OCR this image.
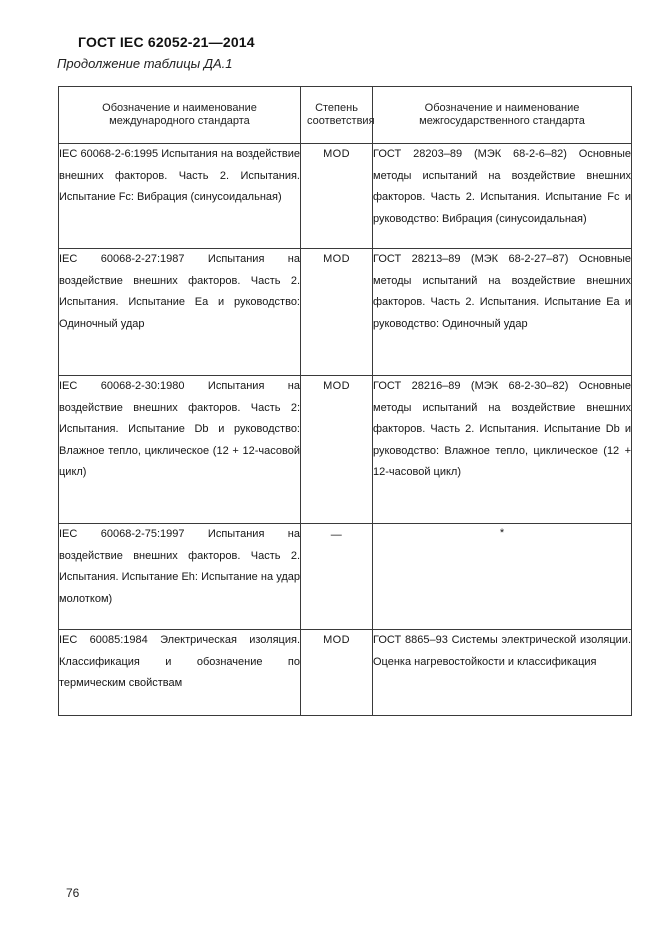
ГОСТ IEC 62052-21—2014
Продолжение таблицы ДА.1
Обозначение и наименование международного стандарта	Степень соответствия	Обозначение и наименование межгосударственного стандарта
IEC 60068-2-6:1995 Испытания на воздействие внешних факторов. Часть 2. Испытания. Испытание Fc: Вибрация (синусоидальная)	MOD	ГОСТ 28203–89 (МЭК 68-2-6–82) Основные методы испытаний на воздействие внешних факторов. Часть 2. Испытания. Испытание Fc и руководство: Вибрация (синусоидальная)
IEC 60068-2-27:1987 Испытания на воздействие внешних факторов. Часть 2. Испытания. Испытание Ea и руководство: Одиночный удар	MOD	ГОСТ 28213–89 (МЭК 68-2-27–87) Основные методы испытаний на воздействие внешних факторов. Часть 2. Испытания. Испытание Ea и руководство: Одиночный удар
IEC 60068-2-30:1980 Испытания на воздействие внешних факторов. Часть 2: Испытания. Испытание Db и руководство: Влажное тепло, циклическое (12 + 12-часовой цикл)	MOD	ГОСТ 28216–89 (МЭК 68-2-30–82) Основные методы испытаний на воздействие внешних факторов. Часть 2. Испытания. Испытание Db и руководство: Влажное тепло, циклическое (12 + 12-часовой цикл)
IEC 60068-2-75:1997 Испытания на воздействие внешних факторов. Часть 2. Испытания. Испытание Eh: Испытание на удар молотком)	—	*

IEC 60085:1984 Электрическая изоляция. Классификация и обозначение по термическим свойствам	MOD	ГОСТ 8865–93 Системы электрической изоляции. Оценка нагревостойкости и классификация
76
